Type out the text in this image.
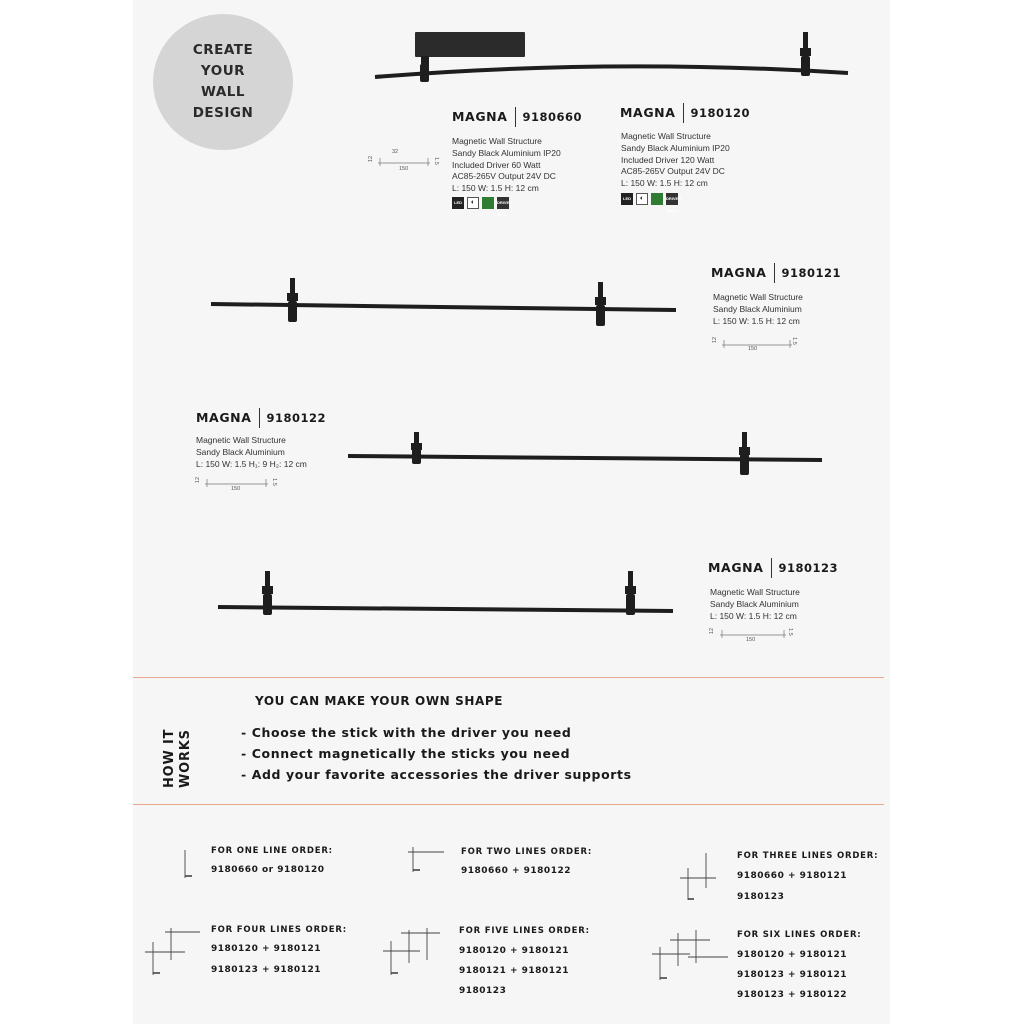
CREATE
YOUR
WALL
DESIGN	MAGNA	9180660
Magnetic Wall Structure
Sandy Black Aluminium IP20
Included Driver 60 Watt
AC85-265V Output 24V DC
L: 150 W: 1.5 H: 12 cm
LED	◐	DRIVER INCL.
12
32
150
1.5
MAGNA	9180120
Magnetic Wall Structure
Sandy Black Aluminium IP20
Included Driver 120 Watt
AC85-265V Output 24V DC
L: 150 W: 1.5 H: 12 cm
LED	◐	DRIVER INCL.
MAGNA	9180121
Magnetic Wall Structure
Sandy Black Aluminium
L: 150 W: 1.5 H: 12 cm
12
150
1.5
MAGNA	9180122
Magnetic Wall Structure
Sandy Black Aluminium
L: 150 W: 1.5 H₁: 9 H₂: 12 cm
12
150
1.5
MAGNA	9180123
Magnetic Wall Structure
Sandy Black Aluminium
L: 150 W: 1.5 H: 12 cm
12
150
1.5
HOW IT WORKS
YOU CAN MAKE YOUR OWN SHAPE
- Choose the stick with the driver you need
- Connect magnetically the sticks you need
- Add your favorite accessories the driver supports
FOR ONE LINE ORDER:
9180660 or 9180120
FOR TWO LINES ORDER:
9180660 + 9180122
FOR THREE LINES ORDER:
9180660 + 9180121
9180123
FOR FOUR LINES ORDER:
9180120 + 9180121
9180123 + 9180121
FOR FIVE LINES ORDER:
9180120 + 9180121
9180121 + 9180121
9180123
FOR SIX LINES ORDER:
9180120 + 9180121
9180123 + 9180121
9180123 + 9180122
